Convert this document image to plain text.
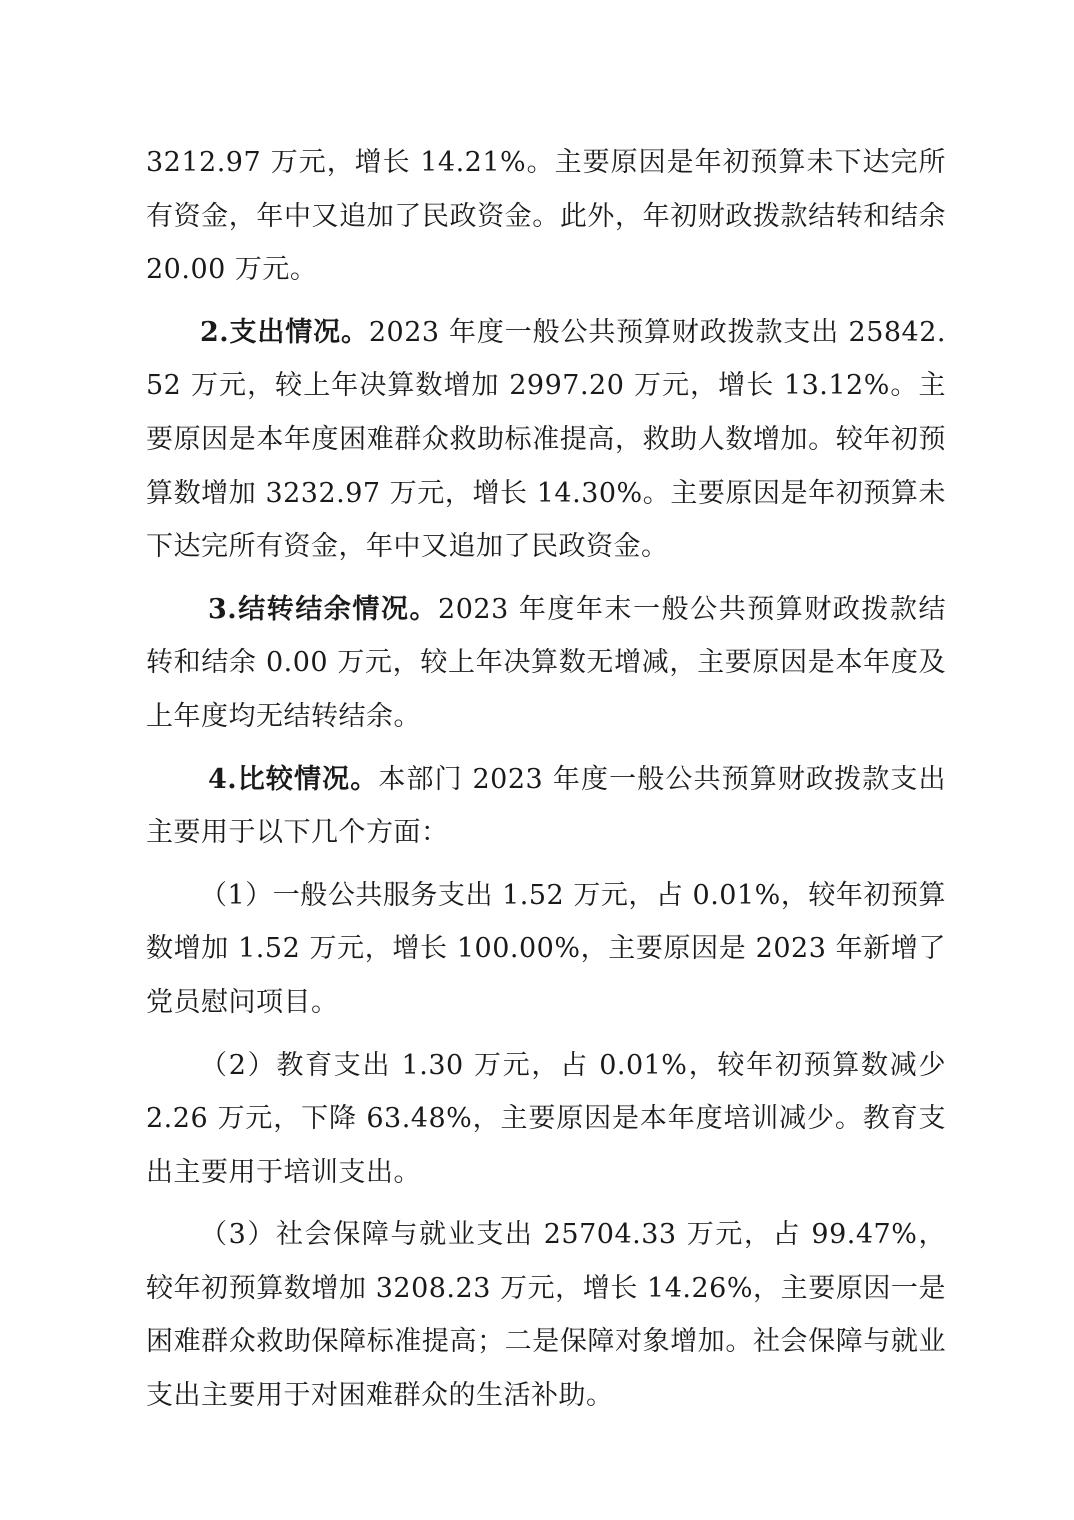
3212.97 万元，增长 14.21%。主要原因是年初预算未下达完所有资金，年中又追加了民政资金。此外，年初财政拨款结转和结余 20.00 万元。

2.支出情况。2023 年度一般公共预算财政拨款支出 25842.52 万元，较上年决算数增加 2997.20 万元，增长 13.12%。主要原因是本年度困难群众救助标准提高，救助人数增加。较年初预算数增加 3232.97 万元，增长 14.30%。主要原因是年初预算未下达完所有资金，年中又追加了民政资金。

3.结转结余情况。2023 年度年末一般公共预算财政拨款结转和结余 0.00 万元，较上年决算数无增减，主要原因是本年度及上年度均无结转结余。

4.比较情况。本部门 2023 年度一般公共预算财政拨款支出主要用于以下几个方面：

（1）一般公共服务支出 1.52 万元，占 0.01%，较年初预算数增加 1.52 万元，增长 100.00%，主要原因是 2023 年新增了党员慰问项目。

（2）教育支出 1.30 万元，占 0.01%，较年初预算数减少 2.26 万元，下降 63.48%，主要原因是本年度培训减少。教育支出主要用于培训支出。

（3）社会保障与就业支出 25704.33 万元，占 99.47%，较年初预算数增加 3208.23 万元，增长 14.26%，主要原因一是困难群众救助保障标准提高；二是保障对象增加。社会保障与就业支出主要用于对困难群众的生活补助。
